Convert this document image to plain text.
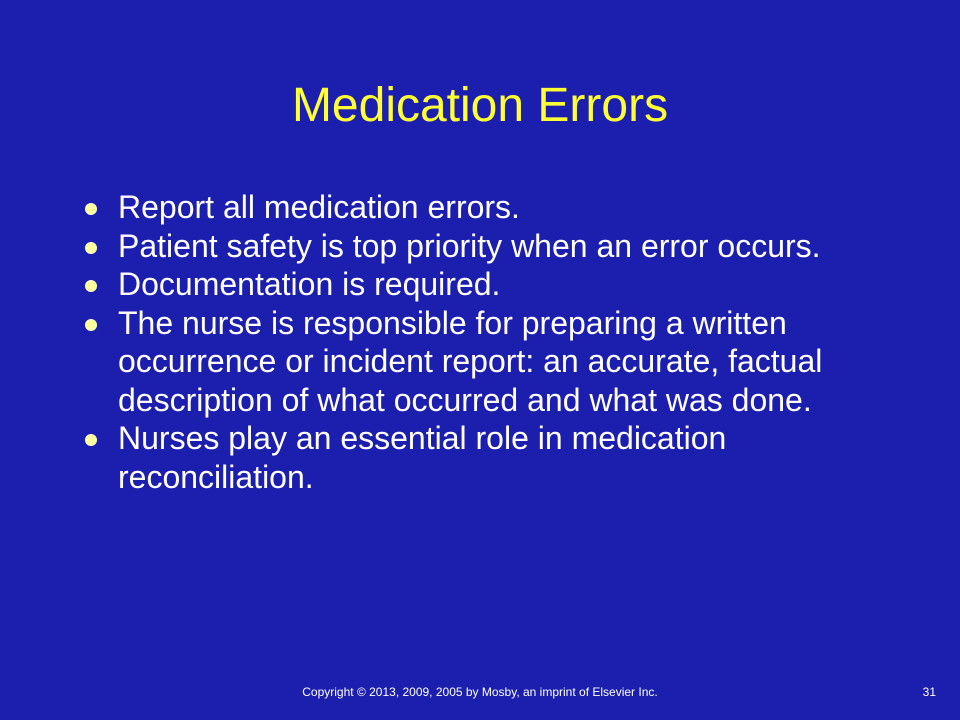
Medication Errors
Report all medication errors.
Patient safety is top priority when an error occurs.
Documentation is required.
The nurse is responsible for preparing a written occurrence or incident report: an accurate, factual description of what occurred and what was done.
Nurses play an essential role in medication reconciliation.
Copyright © 2013, 2009, 2005 by Mosby, an imprint of Elsevier Inc.	31
